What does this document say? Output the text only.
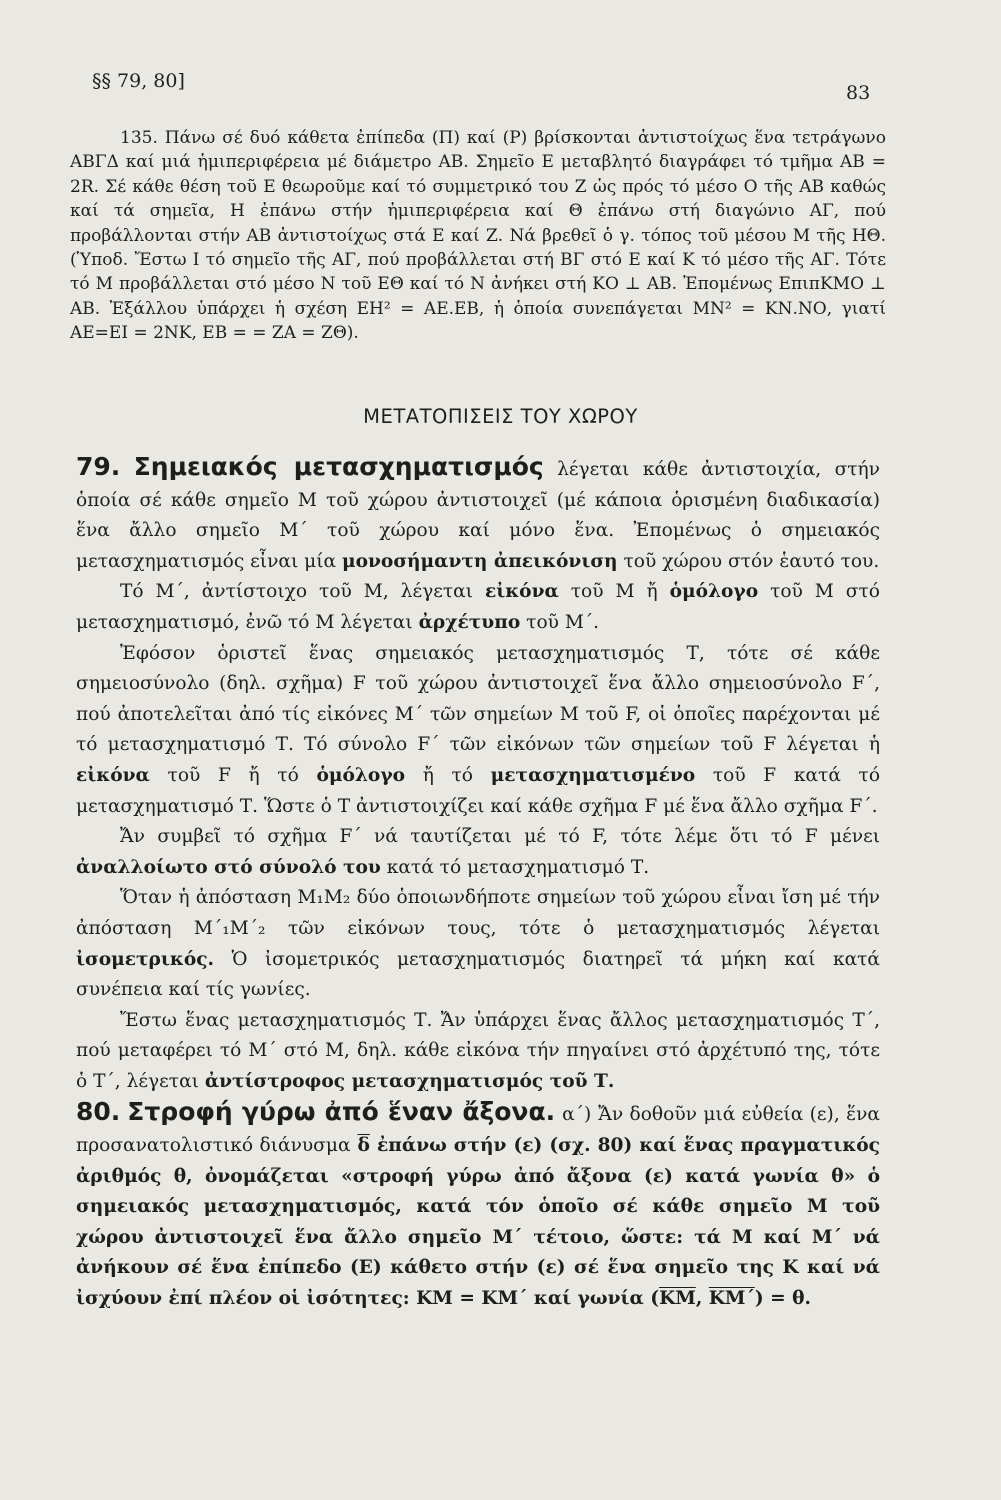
§§ 79, 80]
83
135. Πάνω σέ δυό κάθετα ἐπίπεδα (Π) καί (Ρ) βρίσκονται ἀντιστοίχως ἕνα τετράγωνο ΑΒΓΔ καί μιά ἡμιπεριφέρεια μέ διάμετρο ΑΒ. Σημεῖο Ε μεταβλητό διαγράφει τό τμῆμα ΑΒ = 2R. Σέ κάθε θέση τοῦ Ε θεωροῦμε καί τό συμμετρικό του Ζ ὡς πρός τό μέσο Ο τῆς ΑΒ καθώς καί τά σημεῖα, Η ἐπάνω στήν ἡμιπεριφέρεια καί Θ ἐπάνω στή διαγώνιο ΑΓ, πού προβάλλονται στήν ΑΒ ἀντιστοίχως στά Ε καί Ζ. Νά βρεθεῖ ὁ γ. τόπος τοῦ μέσου Μ τῆς ΗΘ. (Ὑποδ. Ἔστω Ι τό σημεῖο τῆς ΑΓ, πού προβάλλεται στή ΒΓ στό Ε καί Κ τό μέσο τῆς ΑΓ. Τότε τό Μ προβάλλεται στό μέσο Ν τοῦ ΕΘ καί τό Ν ἀνήκει στή ΚΟ ⊥ ΑΒ. Ἐπομένως ΕπιπΚΜΟ ⊥ ΑΒ. Ἐξάλλου ὑπάρχει ἡ σχέση ΕΗ² = ΑΕ.ΕΒ, ἡ ὁποία συνεπάγεται ΜΝ² = ΚΝ.ΝΟ, γιατί ΑΕ=ΕΙ = 2ΝΚ, ΕΒ = = ΖΑ = ΖΘ).
ΜΕΤΑΤΟΠΙΣΕΙΣ ΤΟΥ ΧΩΡΟΥ

79. Σημειακός μετασχηματισμός λέγεται κάθε ἀντιστοιχία, στήν ὁποία σέ κάθε σημεῖο Μ τοῦ χώρου ἀντιστοιχεῖ (μέ κάποια ὁρισμένη διαδικασία) ἕνα ἄλλο σημεῖο Μ΄ τοῦ χώρου καί μόνο ἕνα. Ἐπομένως ὁ σημειακός μετασχηματισμός εἶναι μία μονοσήμαντη ἀπεικόνιση τοῦ χώρου στόν ἑαυτό του.

Τό Μ΄, ἀντίστοιχο τοῦ Μ, λέγεται εἰκόνα τοῦ Μ ἤ ὁμόλογο τοῦ Μ στό μετασχηματισμό, ἐνῶ τό Μ λέγεται ἀρχέτυπο τοῦ Μ΄.

Ἐφόσον ὁριστεῖ ἕνας σημειακός μετασχηματισμός Τ, τότε σέ κάθε σημειοσύνολο (δηλ. σχῆμα) F τοῦ χώρου ἀντιστοιχεῖ ἕνα ἄλλο σημειοσύνολο F΄, πού ἀποτελεῖται ἀπό τίς εἰκόνες Μ΄ τῶν σημείων Μ τοῦ F, οἱ ὁποῖες παρέχονται μέ τό μετασχηματισμό Τ. Τό σύνολο F΄ τῶν εἰκόνων τῶν σημείων τοῦ F λέγεται ἡ εἰκόνα τοῦ F ἤ τό ὁμόλογο ἤ τό μετασχηματισμένο τοῦ F κατά τό μετασχηματισμό Τ. Ὥστε ὁ Τ ἀντιστοιχίζει καί κάθε σχῆμα F μέ ἕνα ἄλλο σχῆμα F΄.

Ἄν συμβεῖ τό σχῆμα F΄ νά ταυτίζεται μέ τό F, τότε λέμε ὅτι τό F μένει ἀναλλοίωτο στό σύνολό του κατά τό μετασχηματισμό Τ.

Ὅταν ἡ ἀπόσταση Μ₁Μ₂ δύο ὁποιωνδήποτε σημείων τοῦ χώρου εἶναι ἴση μέ τήν ἀπόσταση Μ΄₁Μ΄₂ τῶν εἰκόνων τους, τότε ὁ μετασχηματισμός λέγεται ἰσομετρικός. Ὁ ἰσομετρικός μετασχηματισμός διατηρεῖ τά μήκη καί κατά συνέπεια καί τίς γωνίες.

Ἔστω ἕνας μετασχηματισμός Τ. Ἄν ὑπάρχει ἕνας ἄλλος μετασχηματισμός Τ΄, πού μεταφέρει τό Μ΄ στό Μ, δηλ. κάθε εἰκόνα τήν πηγαίνει στό ἀρχέτυπό της, τότε ὁ Τ΄, λέγεται ἀντίστροφος μετασχηματισμός τοῦ Τ.

80. Στροφή γύρω ἀπό ἕναν ἄξονα. α΄) Ἄν δοθοῦν μιά εὐθεία (ε), ἕνα προσανατολιστικό διάνυσμα $\overline{\delta}$ ἐπάνω στήν (ε) (σχ. 80) καί ἕνας πραγματικός ἀριθμός θ, ὀνομάζεται «στροφή γύρω ἀπό ἄξονα (ε) κατά γωνία θ» ὁ σημειακός μετασχηματισμός, κατά τόν ὁποῖο σέ κάθε σημεῖο Μ τοῦ χώρου ἀντιστοιχεῖ ἕνα ἄλλο σημεῖο Μ΄ τέτοιο, ὥστε: τά Μ καί Μ΄ νά ἀνήκουν σέ ἕνα ἐπίπεδο (Ε) κάθετο στήν (ε) σέ ἕνα σημεῖο της Κ καί νά ἰσχύουν ἐπί πλέον οἱ ἰσότητες: ΚΜ = ΚΜ΄ καί γωνία ($\overline{KM}$, $\overline{KM΄}) = \theta$.
